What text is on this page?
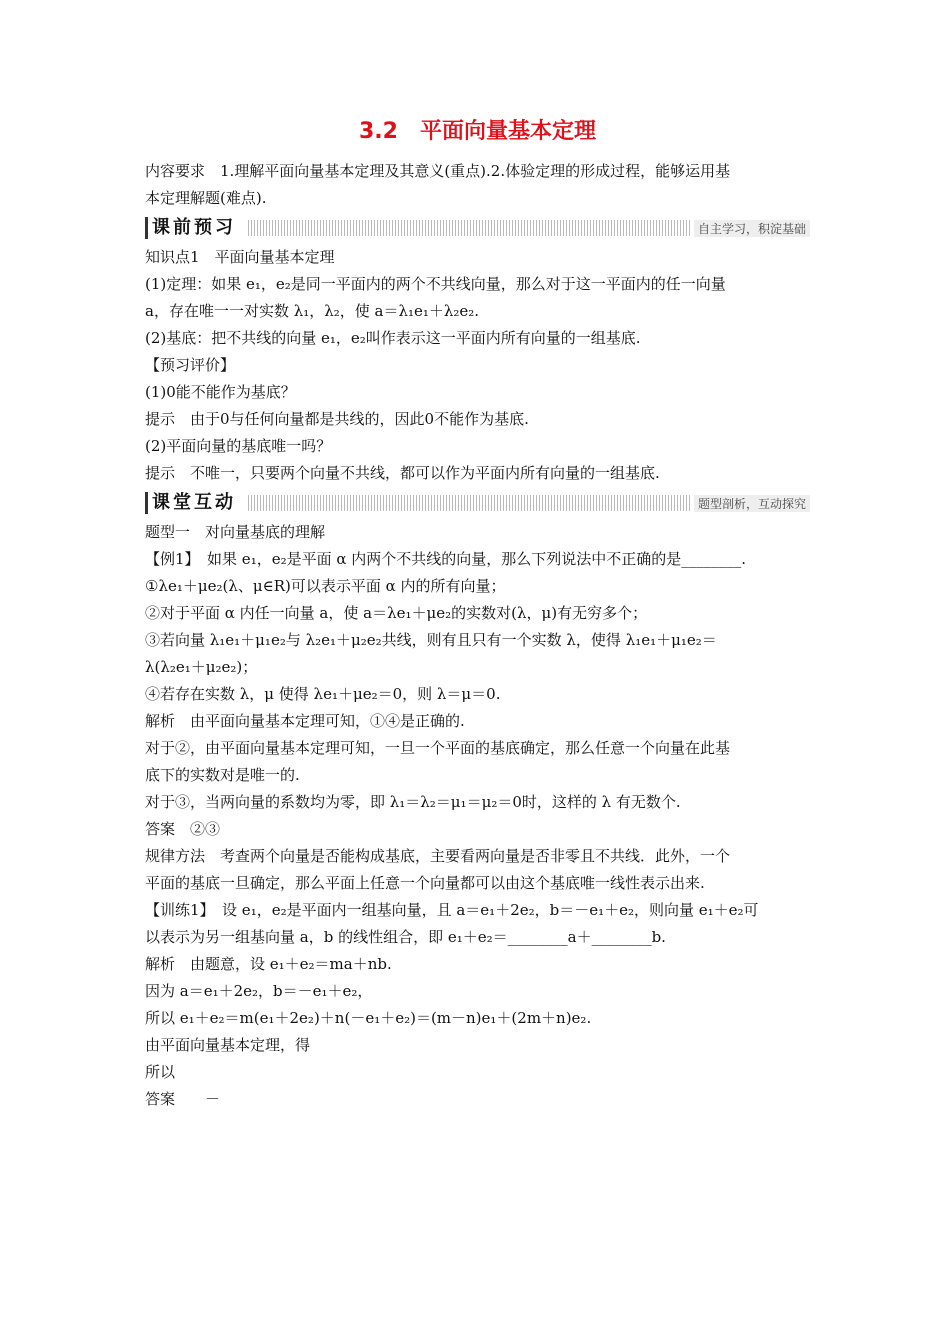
3.2　平面向量基本定理

内容要求　1.理解平面向量基本定理及其意义(重点).2.体验定理的形成过程，能够运用基

本定理解题(难点).

课前预习	自主学习，积淀基础

知识点1　平面向量基本定理

(1)定理：如果 e₁，e₂是同一平面内的两个不共线向量，那么对于这一平面内的任一向量

a，存在唯一一对实数 λ₁，λ₂，使 a＝λ₁e₁＋λ₂e₂.

(2)基底：把不共线的向量 e₁，e₂叫作表示这一平面内所有向量的一组基底.

【预习评价】

(1)0能不能作为基底？

提示　由于0与任何向量都是共线的，因此0不能作为基底.

(2)平面向量的基底唯一吗？

提示　不唯一，只要两个向量不共线，都可以作为平面内所有向量的一组基底.

课堂互动	题型剖析，互动探究

题型一　对向量基底的理解

【例1】　如果 e₁，e₂是平面 α 内两个不共线的向量，那么下列说法中不正确的是________.

①λe₁＋μe₂(λ、μ∈R)可以表示平面 α 内的所有向量；

②对于平面 α 内任一向量 a，使 a＝λe₁＋μe₂的实数对(λ，μ)有无穷多个；

③若向量 λ₁e₁＋μ₁e₂与 λ₂e₁＋μ₂e₂共线，则有且只有一个实数 λ，使得 λ₁e₁＋μ₁e₂＝

λ(λ₂e₁＋μ₂e₂)；

④若存在实数 λ，μ 使得 λe₁＋μe₂＝0，则 λ＝μ＝0.

解析　由平面向量基本定理可知，①④是正确的.

对于②，由平面向量基本定理可知，一旦一个平面的基底确定，那么任意一个向量在此基

底下的实数对是唯一的.

对于③，当两向量的系数均为零，即 λ₁＝λ₂＝μ₁＝μ₂＝0时，这样的 λ 有无数个.

答案　②③

规律方法　考查两个向量是否能构成基底，主要看两向量是否非零且不共线．此外，一个

平面的基底一旦确定，那么平面上任意一个向量都可以由这个基底唯一线性表示出来.

【训练1】　设 e₁，e₂是平面内一组基向量，且 a＝e₁＋2e₂，b＝－e₁＋e₂，则向量 e₁＋e₂可

以表示为另一组基向量 a，b 的线性组合，即 e₁＋e₂＝________a＋________b.

解析　由题意，设 e₁＋e₂＝ma＋nb.

因为 a＝e₁＋2e₂，b＝－e₁＋e₂，

所以 e₁＋e₂＝m(e₁＋2e₂)＋n(－e₁＋e₂)＝(m－n)e₁＋(2m＋n)e₂.

由平面向量基本定理，得

所以

答案　　－
